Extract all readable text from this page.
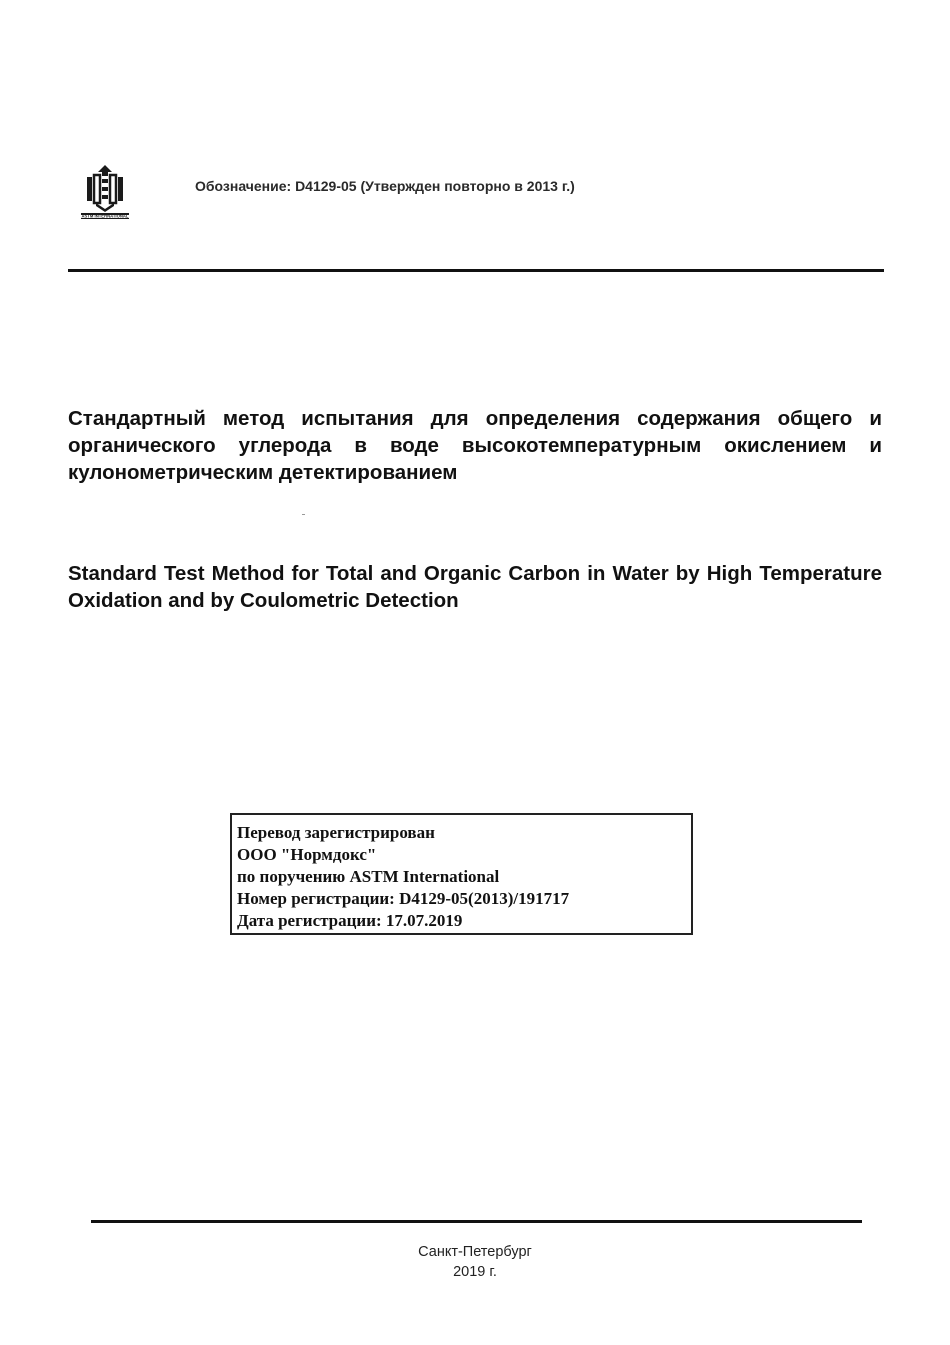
ASTM INTERNATIONAL
Обозначение: D4129-05 (Утвержден повторно в 2013 г.)
Стандартный метод испытания для определения содержания общего и органического углерода в воде высокотемпературным окислением и кулонометрическим детектированием
Standard Test Method for Total and Organic Carbon in Water by High Temperature Oxidation and by Coulometric Detection
Перевод зарегистрирован
ООО "Нормдокс"
по поручению ASTM International
Номер регистрации: D4129-05(2013)/191717
Дата регистрации: 17.07.2019
Санкт-Петербург
2019 г.
